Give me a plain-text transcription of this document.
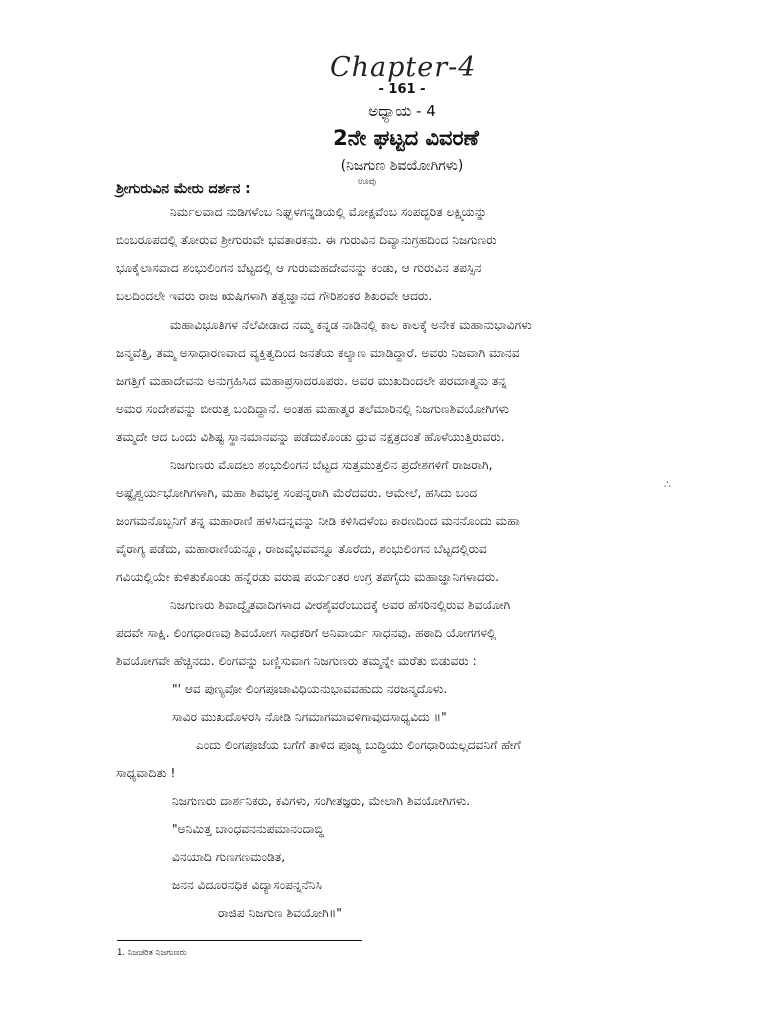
Chapter-4
- 161 -
ಅಧ್ಯಾಯ - 4
2ನೇ ಘಟ್ಟದ ವಿವರಣೆ
(ನಿಜಗುಣ ಶಿವಯೋಗಿಗಳು)
ಶ್ರೀಗುರುವಿನ ಮೇರು ದರ್ಶನ :	ಊವು
ನಿರ್ಮಲವಾದ ನುಡಿಗಳೆಂಬ ನಿಘ್ಭಳಗನ್ನಡಿಯಲ್ಲಿ ಮೋಕ್ಷವೆಂಬ ಸಂಪದ್ಭರಿತ ಲಕ್ಷ್ಮಿಯನ್ನು
ಬಿಂಬರೂಪದಲ್ಲಿ ತೋರುವ ಶ್ರೀಗುರುವೇ ಭವತಾರಕನು. ಈ ಗುರುವಿನ ದಿವ್ಯಾನುಗ್ರಹದಿಂದ ನಿಜಗುಣರು
ಭೂಕೈಲಾಸವಾದ ಶಂಭುಲಿಂಗನ ಬೆಟ್ಟದಲ್ಲಿ ಆ ಗುರುಮಹದೇವನನ್ನು ಕಂಡು, ಆ ಗುರುವಿನ ತಪಸ್ಸಿನ
ಬಲದಿಂದಲೇ ಇವರು ರಾಜ ಋಷಿಗಳಾಗಿ ತತ್ವಜ್ಞಾನದ ಗೌರಿಶಂಕರ ಶಿಖರವೇ ಆದರು.
ಮಹಾವಿಭೂತಿಗಳ ನೆಲೆವೀಡಾದ ನಮ್ಮ ಕನ್ನಡ ನಾಡಿನಲ್ಲಿ ಕಾಲ ಕಾಲಕ್ಕೆ ಅನೇಕ ಮಹಾನುಭಾವಿಗಳು
ಜನ್ಮವೆತ್ತಿ, ತಮ್ಮ ಅಸಾಧಾರಣವಾದ ವ್ಯಕ್ತಿತ್ವದಿಂದ ಜನತೆಯ ಕಲ್ಯಾಣ ಮಾಡಿದ್ದಾರೆ. ಅವರು ನಿಜವಾಗಿ ಮಾನವ
ಜಗತ್ತಿಗೆ ಮಹಾದೇವನು ಅನುಗ್ರಹಿಸಿದ ಮಹಾಪ್ರಸಾದರೂಪರು. ಅವರ ಮುಖದಿಂದಲೇ ಪರಮಾತ್ಮನು ತನ್ನ
ಅಮರ ಸಂದೇಶವನ್ನು ಬೀರುತ್ತ ಬಂದಿದ್ದಾನೆ. ಅಂತಹ ಮಹಾತ್ಮರ ತಲೆಮಾರಿನಲ್ಲಿ ನಿಜಗುಣಶಿವಯೋಗಿಗಳು
ತಮ್ಮದೇ ಆದ ಒಂದು ವಿಶಿಷ್ಟ ಸ್ಥಾನಮಾನವನ್ನು ಪಡೆದುಕೊಂಡು ಧ್ರುವ ನಕ್ಷತ್ರದಂತೆ ಹೊಳೆಯುತ್ತಿರುವರು.
ನಿಜಗುಣರು ಮೊದಲು ಶಂಭುಲಿಂಗನ ಬೆಟ್ಟದ ಸುತ್ತಮುತ್ತಲಿನ ಪ್ರದೇಶಗಳಿಗೆ ರಾಜರಾಗಿ,
ಅಷ್ಟೈಶ್ವರ್ಯಭೋಗಿಗಳಾಗಿ, ಮಹಾ ಶಿವಭಕ್ತ ಸಂಪನ್ನರಾಗಿ ಮೆರೆದವರು. ಆಮೇಲೆ, ಹಸಿದು ಬಂದ
ಜಂಗಮನೊಬ್ಬನಿಗೆ ತನ್ನ ಮಹಾರಾಣಿ ಹಳಸಿದನ್ನವನ್ನು ನೀಡಿ ಕಳಿಸಿದಳೆಂಬ ಕಾರಣದಿಂದ ಮನನೊಂದು ಮಹಾ
ವೈರಾಗ್ಯ ಪಡೆದು, ಮಹಾರಾಣಿಯನ್ನೂ, ರಾಜವೈಭವವನ್ನೂ ತೊರೆದು, ಶಂಭುಲಿಂಗನ ಬೆಟ್ಟದಲ್ಲಿರುವ
ಗವಿಯಲ್ಲಿಯೇ ಕುಳಿತುಕೊಂಡು ಹನ್ನೆರಡು ವರುಷ ಪರ್ಯಂತರ ಉಗ್ರ ತಪಗೈದು ಮಹಾಜ್ಞಾನಿಗಳಾದರು.
ನಿಜಗುಣರು ಶಿವಾದ್ವೈತವಾದಿಗಳಾದ ವೀರಶೈವರೆಂಬುದಕ್ಕೆ ಅವರ ಹೆಸರಿನಲ್ಲಿರುವ ಶಿವಯೋಗಿ
ಪದವೇ ಸಾಕ್ಷಿ. ಲಿಂಗಧಾರಣವು ಶಿವಯೋಗ ಸಾಧಕರಿಗೆ ಅನಿವಾರ್ಯ ಸಾಧನವು. ಹಠಾದಿ ಯೋಗಗಳಲ್ಲಿ
ಶಿವಯೋಗವೇ ಹೆಚ್ಚಿನದು. ಲಿಂಗವನ್ನು ಬಣ್ಣಿಸುವಾಗ ನಿಜಗುಣರು ತಮ್ಮನ್ನೇ ಮರೆತು ಬಿಡುವರು :
"' ಆವ ಪುಣ್ಯವೋ ಲಿಂಗಪೂಜಾವಿಧಿಯನುಭಾವವಹುದು ನರಜನ್ಮದೊಳು.
ಸಾವಿರ ಮುಖದೊಳರಸಿ ನೋಡಿ ನಿಗಮಾಗಮಾವಳಿಗಾವುದಸಾಧ್ಯವಿದು ॥"
ಎಂದು ಲಿಂಗಪೂಜೆಯ ಬಗೆಗೆ ತಾಳಿದ ಪೂಜ್ಯ ಬುದ್ಧಿಯು ಲಿಂಗಧಾರಿಯಲ್ಲದವನಿಗೆ ಹೇಗೆ
ಸಾಧ್ಯವಾದಿತು !
ನಿಜಗುಣರು ದಾರ್ಶನಿಕರು, ಕವಿಗಳು, ಸಂಗೀತಜ್ಞರು, ಮೇಲಾಗಿ ಶಿವಯೋಗಿಗಳು.
"ಅನಿಮಿತ್ತ ಬಾಂಧವನನುಪಮಾನಂದಾಬ್ಧಿ
ವಿನಯಾದಿ ಗುಣಗಣಮಂಡಿತ,
ಜನನ ವಿದೂರನಧಿಕ ವಿದ್ಯಾಸಂಪನ್ನನೆನಿಸಿ
ರಾಜಿಪ ನಿಜಗುಣ ಶಿವಯೋಗಿ॥"
1. ನಿಜಚರಿತ ನಿಜಗುಣರು
∴
